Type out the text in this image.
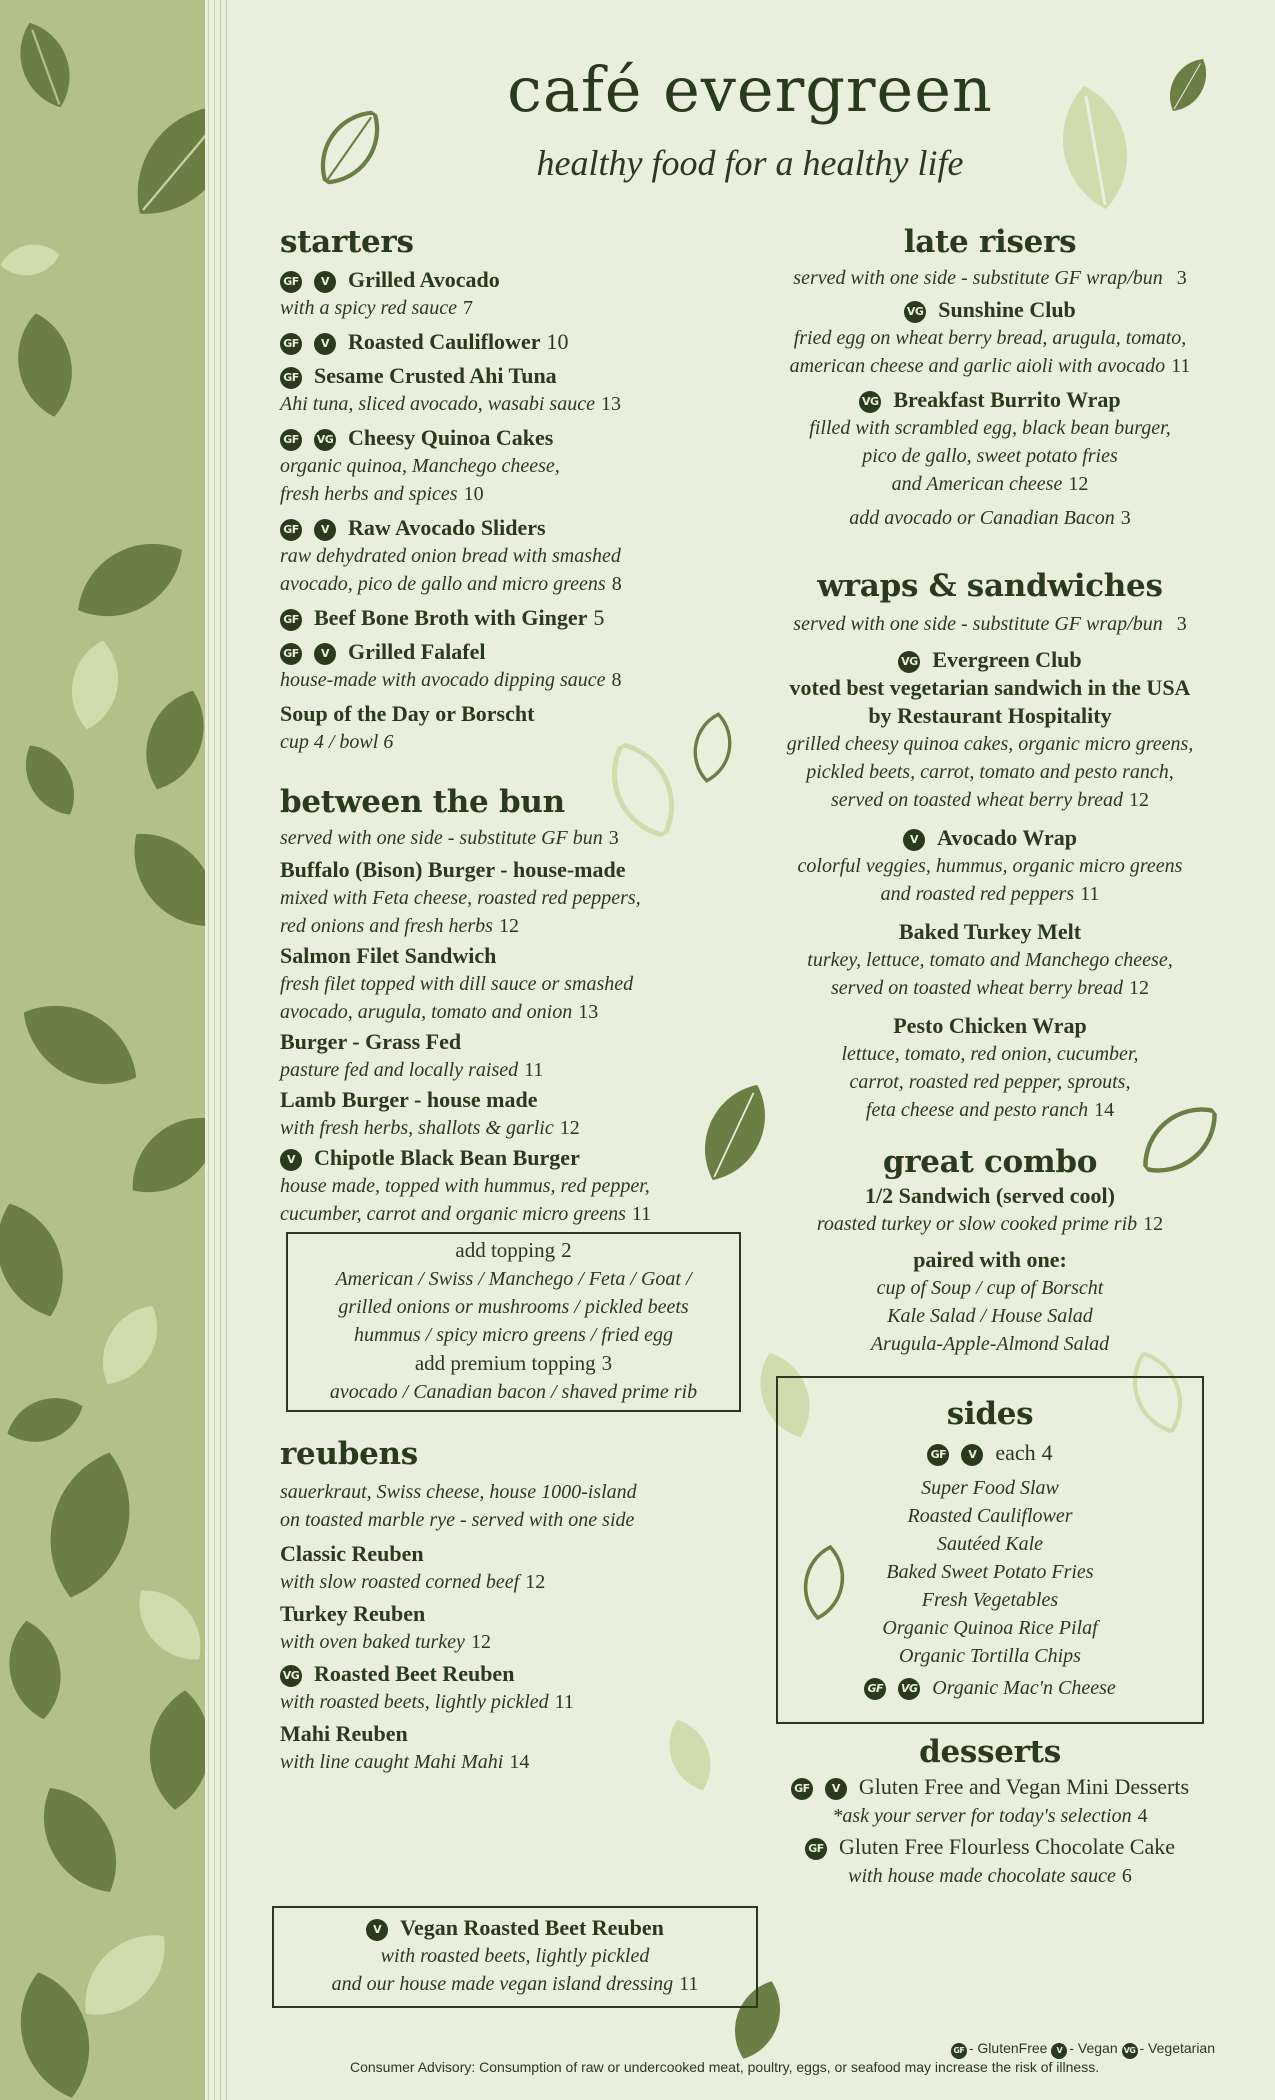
café evergreen
healthy food for a healthy life
starters
GF V Grilled Avocado
with a spicy red sauce 7
GF V Roasted Cauliflower 10
GF Sesame Crusted Ahi Tuna
Ahi tuna, sliced avocado, wasabi sauce 13
GF VG Cheesy Quinoa Cakes
organic quinoa, Manchego cheese,
fresh herbs and spices 10
GF V Raw Avocado Sliders
raw dehydrated onion bread with smashed
avocado, pico de gallo and micro greens 8
GF Beef Bone Broth with Ginger 5
GF V Grilled Falafel
house-made with avocado dipping sauce 8
Soup of the Day or Borscht
cup 4 / bowl 6
between the bun
served with one side - substitute GF bun 3
Buffalo (Bison) Burger - house-made
mixed with Feta cheese, roasted red peppers,
red onions and fresh herbs 12
Salmon Filet Sandwich
fresh filet topped with dill sauce or smashed
avocado, arugula, tomato and onion 13
Burger - Grass Fed
pasture fed and locally raised 11
Lamb Burger - house made
with fresh herbs, shallots & garlic 12
V Chipotle Black Bean Burger
house made, topped with hummus, red pepper,
cucumber, carrot and organic micro greens 11
add topping 2
American / Swiss / Manchego / Feta / Goat /
grilled onions or mushrooms / pickled beets
hummus / spicy micro greens / fried egg
add premium topping 3
avocado / Canadian bacon / shaved prime rib
reubens
sauerkraut, Swiss cheese, house 1000-island
on toasted marble rye - served with one side
Classic Reuben
with slow roasted corned beef 12
Turkey Reuben
with oven baked turkey 12
VG Roasted Beet Reuben
with roasted beets, lightly pickled 11
Mahi Reuben
with line caught Mahi Mahi 14
V Vegan Roasted Beet Reuben
with roasted beets, lightly pickled
and our house made vegan island dressing 11
late risers
served with one side - substitute GF wrap/bun 3
VG Sunshine Club
fried egg on wheat berry bread, arugula, tomato,
american cheese and garlic aioli with avocado 11
VG Breakfast Burrito Wrap
filled with scrambled egg, black bean burger,
pico de gallo, sweet potato fries
and American cheese 12
add avocado or Canadian Bacon 3
wraps & sandwiches
served with one side - substitute GF wrap/bun 3
VG Evergreen Club
voted best vegetarian sandwich in the USA
by Restaurant Hospitality
grilled cheesy quinoa cakes, organic micro greens,
pickled beets, carrot, tomato and pesto ranch,
served on toasted wheat berry bread 12
V Avocado Wrap
colorful veggies, hummus, organic micro greens
and roasted red peppers 11
Baked Turkey Melt
turkey, lettuce, tomato and Manchego cheese,
served on toasted wheat berry bread 12
Pesto Chicken Wrap
lettuce, tomato, red onion, cucumber,
carrot, roasted red pepper, sprouts,
feta cheese and pesto ranch 14
great combo
1/2 Sandwich (served cool)
roasted turkey or slow cooked prime rib 12
paired with one:
cup of Soup / cup of Borscht
Kale Salad / House Salad
Arugula-Apple-Almond Salad
sides
GF V each 4
Super Food Slaw
Roasted Cauliflower
Sautéed Kale
Baked Sweet Potato Fries
Fresh Vegetables
Organic Quinoa Rice Pilaf
Organic Tortilla Chips
GF VG Organic Mac'n Cheese
desserts
GF V Gluten Free and Vegan Mini Desserts
*ask your server for today's selection 4
GF Gluten Free Flourless Chocolate Cake
with house made chocolate sauce 6
GF - GlutenFree V - Vegan VG - Vegetarian
Consumer Advisory: Consumption of raw or undercooked meat, poultry, eggs, or seafood may increase the risk of illness.
